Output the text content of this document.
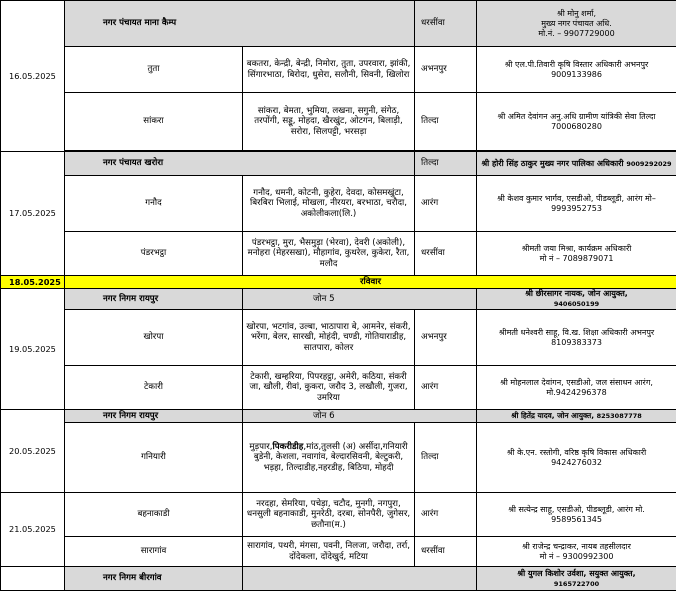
16.05.2025	नगर पंचायत माना कैम्प		धरसींवा	श्री मोनु शर्मा,
मुख्य नगर पंचायत अधि.
मो.नं. – 9907729000

	तुता	बकतरा, केन्द्री, बेन्द्री, निमोरा, तुता, उपरवारा, झांकी, सिंगारभाठा, बिरोदा, धुसेरा, सलौनी, सिवनी, खिलोरा	अभनपुर	श्री एल.पी.तिवारी कृषि विस्तार अधिकारी अभनपुर
9009133986

	सांकरा	सांकरा, बेमता, भुमिया, लखना, सगुनी, संगेठ, तरपोंगी, सड्डू, मोहदा, खैरखुंट, ओटगन, बिलाड़ी, सरोरा, सिलपट्टी, भरसड़ा	तिल्दा	श्री अमित देवांगन अनु.अधि ग्रामीण यांत्रिकी सेवा तिल्दा 7000680280

17.05.2025	नगर पंचायत खरोरा		तिल्दा	श्री होरी सिंह ठाकुर मुख्य नगर पालिका अधिकारी 9009292029
	गनौद	गनौद, धमनी, कोटनी, कुहेरा, देवदा, कोसमखुंटा, बिरबिरा भिलाई, मोखला, नीरयरा, बरभाठा, चरौदा, अकोलीकला(लि.)	आरंग	श्री केशव कुमार भार्गव, एसडीओ, पीडब्लूडी, आरंग मो– 9993952753
	पंडरभट्ठा	पंडरभट्ठा, मुरा, भैसमुड़ा (भेरवा), देवरी (अकोली), मनोहरा (मेहरसखा), मौहागांव, कुथरेल, कुकेरा, रैता, मलौद	धरसींवा	श्रीमती जया मिश्रा, कार्यक्रम अधिकारी
मो नं – 7089879071

18.05.2025	रविवार			
19.05.2025	नगर निगम रायपुर	जोन 5		श्री छीरसागर नायक, जोन आयुक्त,
9406050199

	खोरपा	खोरपा, भटगांव, उल्बा, भाठापारा बे, आमनेर, संकरी, भरेंगा, बेलर, सारखी, मोहंदी, चण्डी, गोतियाराडीह, सातपारा, कोलर	अभनपुर	श्रीमती धनेश्वरी साहू, वि.ख. शिक्षा अधिकारी अभनपुर
8109383373

	टेकारी	टेकारी, खम्हरिया, पिपरहट्ठा, अमेरी, कठिया, संकरी जा, खौली, रीवां, कुकरा, जरौद 3, लखौली, गुजरा, उमरिया	आरंग	श्री मोहनलाल देवांगन, एसडीओ, जल संसाधन आरंग, मो.9424296378
20.05.2025	नगर निगम रायपुर	जोन 6		श्री हितेंद्र यादव, जोन आयुक्त, 8253087778
	गनियारी	मुड़पार,पिकरीडीह,मांठ,तुलसी (अ) अर्सीदा,गनियारी बुडेनी, केशला, नवागांव, बेल्दारसिवनी, बेल्टुकरी, भड़हा, तिल्दाडीह,नहरडीह, बिठिया, मोहदी	तिल्दा	श्री के.एन. रस्तोगी, वरिष्ठ कृषि विकास अधिकारी
9424276032

21.05.2025	बहनाकाडी	नरदहा, सेमरिया, पचेड़ा, चटौद, मुनगी, नगपुरा, धनसुली बहनाकाडी, मुनरेठी, दरबा, सोनपैरी, जुगेसर, छतौना(म.)	आरंग	श्री सत्येन्द्र साहू, एसडीओ, पीडब्लूडी, आरंग मो.
9589561345

	सारागांव	सारागांव, पथरी, मंगसा, पवनी, निलजा, जरौदा, तर्रा, दोंदेकला, दोंदेखुर्द, मटिया	धरसींवा	श्री राजेन्द्र चन्द्राकर, नायब तहसीलदार
मो नं – 9300992300

	नगर निगम बीरगांव			श्री युगल किशोर उर्वशा, सयुक्त आयुक्त,
9165722700
